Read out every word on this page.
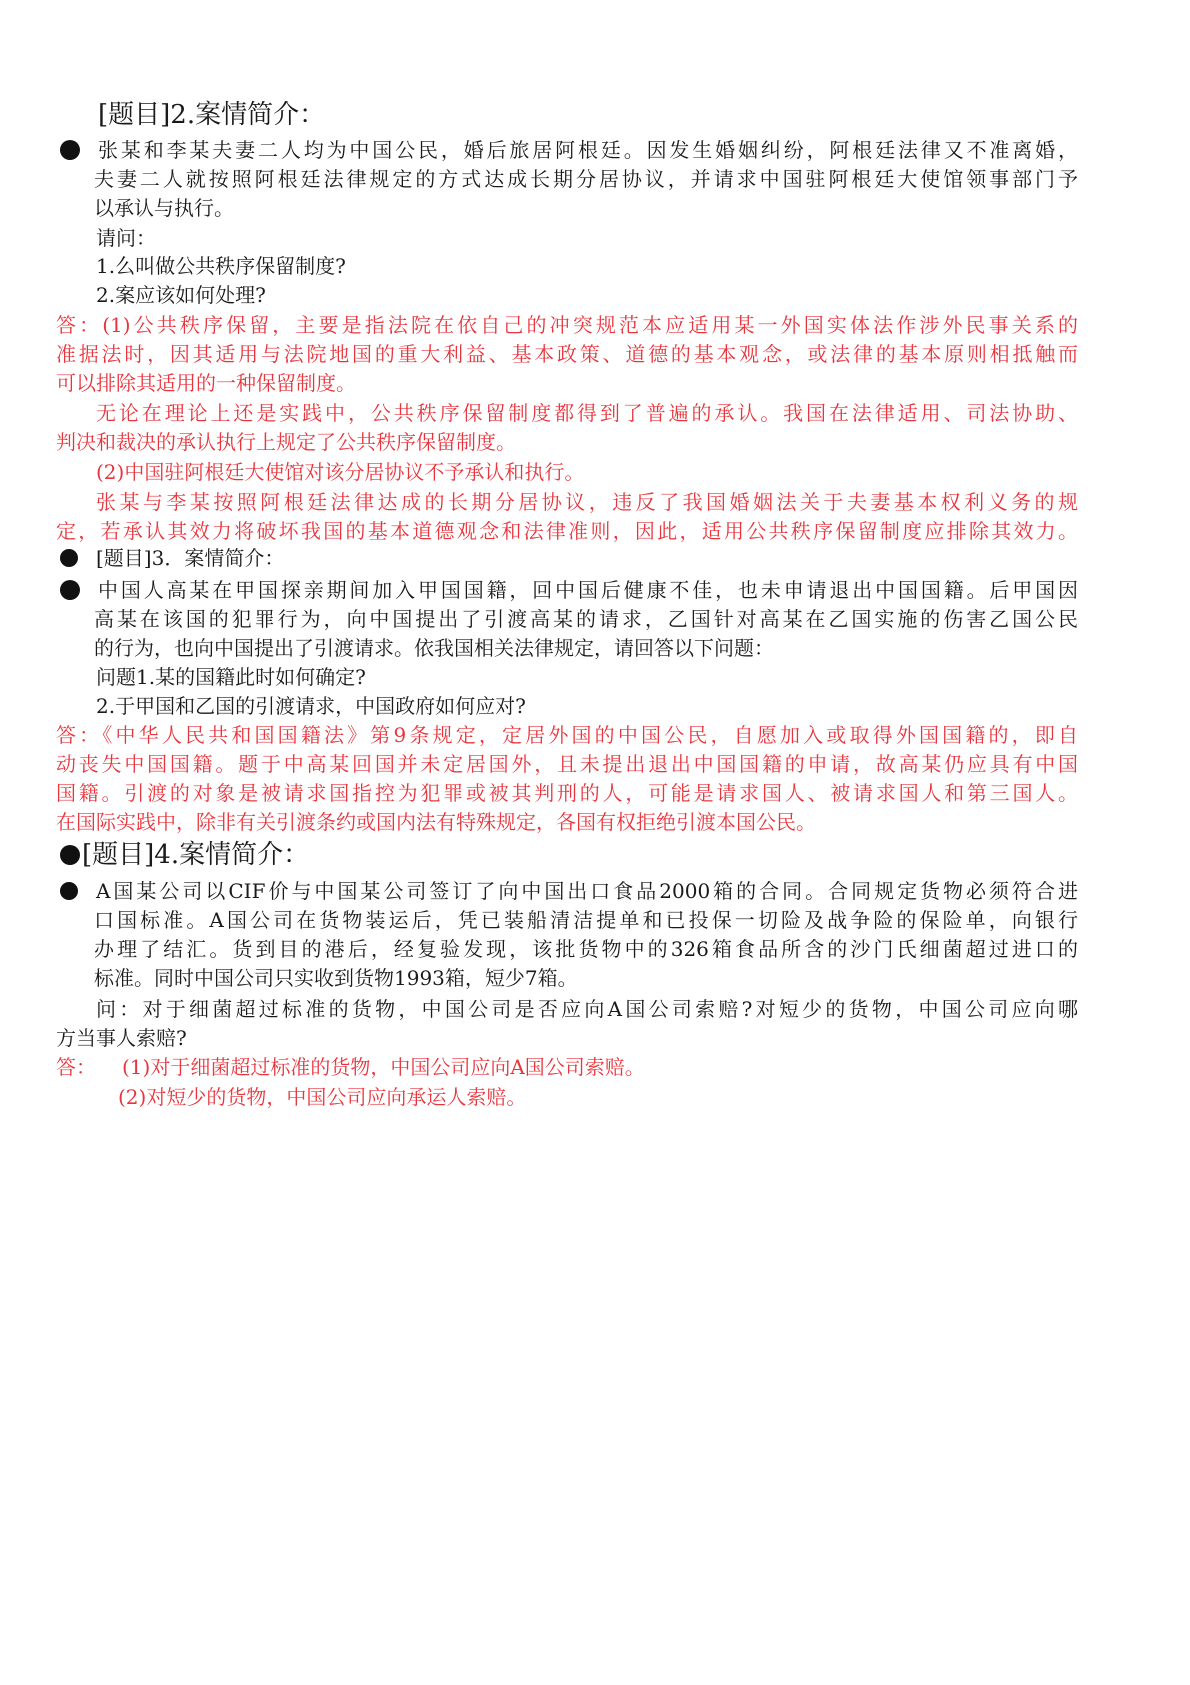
[题目]2.案情简介：
张某和李某夫妻二人均为中国公民，婚后旅居阿根廷。因发生婚姻纠纷，阿根廷法律又不准离婚，
夫妻二人就按照阿根廷法律规定的方式达成长期分居协议，并请求中国驻阿根廷大使馆领事部门予
以承认与执行。
请问：
1.么叫做公共秩序保留制度?
2.案应该如何处理?
答：(1)公共秩序保留，主要是指法院在依自己的冲突规范本应适用某一外国实体法作涉外民事关系的
准据法时，因其适用与法院地国的重大利益、基本政策、道德的基本观念，或法律的基本原则相抵触而
可以排除其适用的一种保留制度。
无论在理论上还是实践中，公共秩序保留制度都得到了普遍的承认。我国在法律适用、司法协助、
判决和裁决的承认执行上规定了公共秩序保留制度。
(2)中国驻阿根廷大使馆对该分居协议不予承认和执行。
张某与李某按照阿根廷法律达成的长期分居协议，违反了我国婚姻法关于夫妻基本权利义务的规
定，若承认其效力将破坏我国的基本道德观念和法律准则，因此，适用公共秩序保留制度应排除其效力。
[题目]3．案情简介：
中国人高某在甲国探亲期间加入甲国国籍，回中国后健康不佳，也未申请退出中国国籍。后甲国因
高某在该国的犯罪行为，向中国提出了引渡高某的请求，乙国针对高某在乙国实施的伤害乙国公民
的行为，也向中国提出了引渡请求。依我国相关法律规定，请回答以下问题：
问题1.某的国籍此时如何确定?
2.于甲国和乙国的引渡请求，中国政府如何应对?
答：《中华人民共和国国籍法》第9条规定，定居外国的中国公民，自愿加入或取得外国国籍的，即自
动丧失中国国籍。题于中高某回国并未定居国外，且未提出退出中国国籍的申请，故高某仍应具有中国
国籍。引渡的对象是被请求国指控为犯罪或被其判刑的人，可能是请求国人、被请求国人和第三国人。
在国际实践中，除非有关引渡条约或国内法有特殊规定，各国有权拒绝引渡本国公民。
[题目]4.案情简介：
A国某公司以CIF价与中国某公司签订了向中国出口食品2000箱的合同。合同规定货物必须符合进
口国标准。A国公司在货物装运后，凭已装船清洁提单和已投保一切险及战争险的保险单，向银行
办理了结汇。货到目的港后，经复验发现，该批货物中的326箱食品所含的沙门氏细菌超过进口的
标准。同时中国公司只实收到货物1993箱，短少7箱。
问：对于细菌超过标准的货物，中国公司是否应向A国公司索赔?对短少的货物，中国公司应向哪
方当事人索赔?
答： (1)对于细菌超过标准的货物，中国公司应向A国公司索赔。
(2)对短少的货物，中国公司应向承运人索赔。
